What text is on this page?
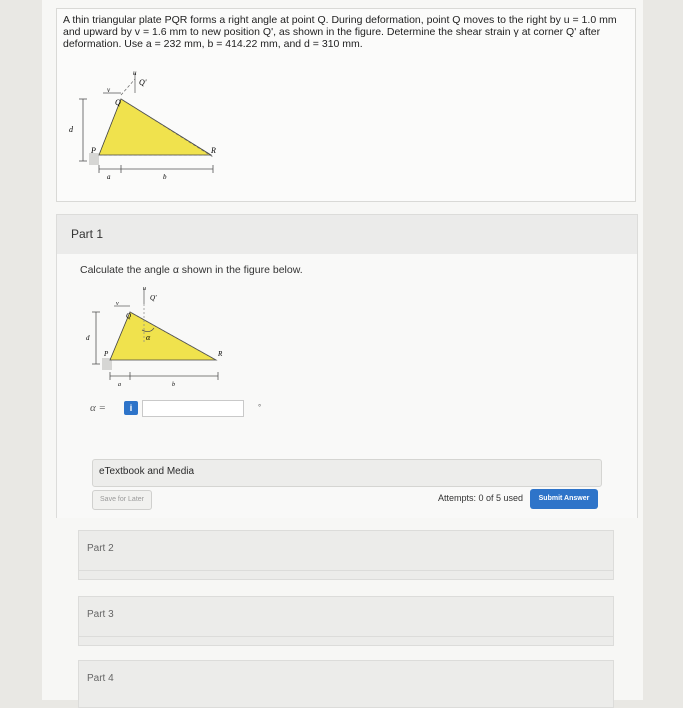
A thin triangular plate PQR forms a right angle at point Q. During deformation, point Q moves to the right by u = 1.0 mm and upward by v = 1.6 mm to new position Q', as shown in the figure. Determine the shear strain γ at corner Q' after deformation. Use a = 232 mm, b = 414.22 mm, and d = 310 mm.
d
u
v
Q
Q'
P	R
a	b
Part 1
Calculate the angle α shown in the figure below.
d
u
v
Q
Q'
α
P	R
a	b
α =	i	°
eTextbook and Media
Save for Later	Attempts: 0 of 5 used	Submit Answer
Part 2
Part 3
Part 4
